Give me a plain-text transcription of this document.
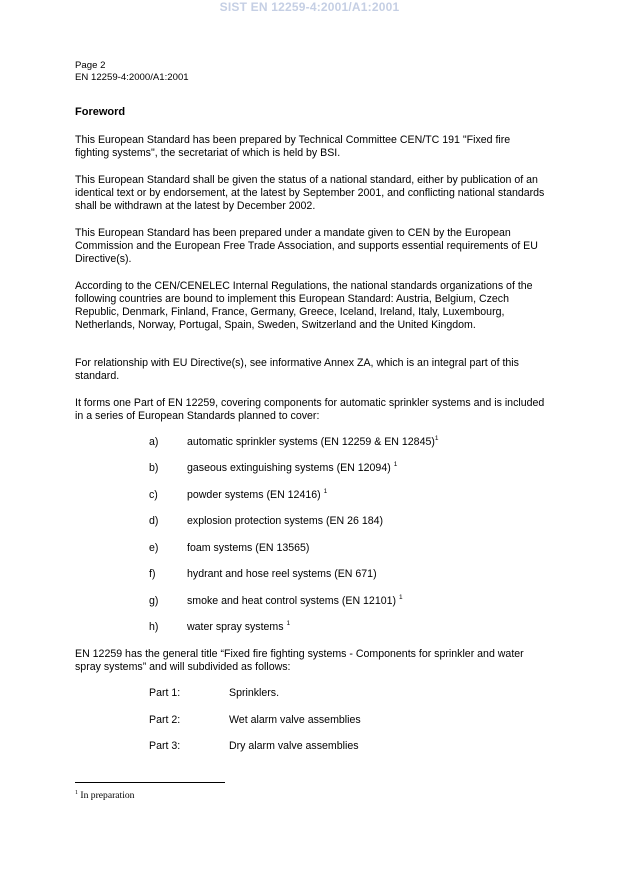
SIST EN 12259-4:2001/A1:2001
Page 2
EN 12259-4:2000/A1:2001
Foreword

This European Standard has been prepared by Technical Committee CEN/TC 191 "Fixed fire fighting systems", the secretariat of which is held by BSI.

This European Standard shall be given the status of a national standard, either by publication of an identical text or by endorsement, at the latest by September 2001, and conflicting national standards shall be withdrawn at the latest by December 2002.

This European Standard has been prepared under a mandate given to CEN by the European Commission and the European Free Trade Association, and supports essential requirements of EU Directive(s).

According to the CEN/CENELEC Internal Regulations, the national standards organizations of the following countries are bound to implement this European Standard: Austria, Belgium, Czech Republic, Denmark, Finland, France, Germany, Greece, Iceland, Ireland, Italy, Luxembourg, Netherlands, Norway, Portugal, Spain, Sweden, Switzerland and the United Kingdom.

For relationship with EU Directive(s), see informative Annex ZA, which is an integral part of this standard.

It forms one Part of EN 12259, covering components for automatic sprinkler systems and is included in a series of European Standards planned to cover:

a)	automatic sprinkler systems (EN 12259 & EN 12845)$^1$
b)	gaseous extinguishing systems (EN 12094) $^1$
c)	powder systems (EN 12416) $^1$
d)	explosion protection systems (EN 26 184)
e)	foam systems (EN 13565)
f)	hydrant and hose reel systems (EN 671)
g)	smoke and heat control systems (EN 12101) $^1$
h)	water spray systems $^1$

EN 12259 has the general title “Fixed fire fighting systems - Components for sprinkler and water spray systems” and will subdivided as follows:

Part 1:	Sprinklers.
Part 2:	Wet alarm valve assemblies
Part 3:	Dry alarm valve assemblies
$^1$ In preparation
